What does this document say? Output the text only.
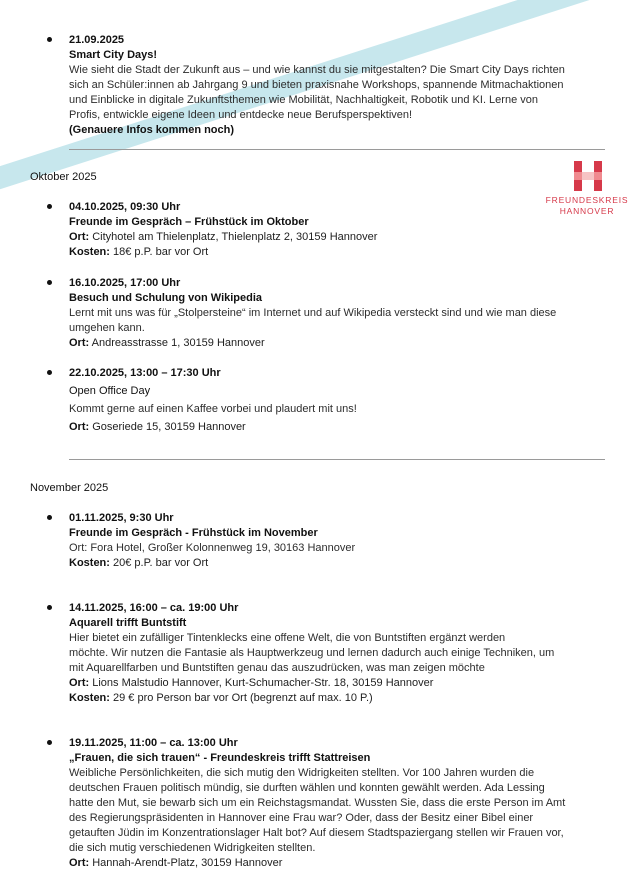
FREUNDESKREIS
HANNOVER
21.09.2025
Smart City Days!
Wie sieht die Stadt der Zukunft aus – und wie kannst du sie mitgestalten? Die Smart City Days richten
sich an Schüler:innen ab Jahrgang 9 und bieten praxisnahe Workshops, spannende Mitmachaktionen
und Einblicke in digitale Zukunftsthemen wie Mobilität, Nachhaltigkeit, Robotik und KI. Lerne von
Profis, entwickle eigene Ideen und entdecke neue Berufsperspektiven!
(Genauere Infos kommen noch)
Oktober 2025
04.10.2025, 09:30 Uhr
Freunde im Gespräch – Frühstück im Oktober
Ort: Cityhotel am Thielenplatz, Thielenplatz 2, 30159 Hannover
Kosten: 18€ p.P. bar vor Ort
16.10.2025, 17:00 Uhr
Besuch und Schulung von Wikipedia
Lernt mit uns was für „Stolpersteine“ im Internet und auf Wikipedia versteckt sind und wie man diese
umgehen kann.
Ort: Andreasstrasse 1, 30159 Hannover
22.10.2025, 13:00 – 17:30 Uhr
Open Office Day
Kommt gerne auf einen Kaffee vorbei und plaudert mit uns!
Ort: Goseriede 15, 30159 Hannover
November 2025
01.11.2025, 9:30 Uhr
Freunde im Gespräch - Frühstück im November
Ort: Fora Hotel, Großer Kolonnenweg 19, 30163 Hannover
Kosten: 20€ p.P. bar vor Ort
14.11.2025, 16:00 – ca. 19:00 Uhr
Aquarell trifft Buntstift
Hier bietet ein zufälliger Tintenklecks eine offene Welt, die von Buntstiften ergänzt werden
möchte. Wir nutzen die Fantasie als Hauptwerkzeug und lernen dadurch auch einige Techniken, um
mit Aquarellfarben und Buntstiften genau das auszudrücken, was man zeigen möchte
Ort: Lions Malstudio Hannover, Kurt-Schumacher-Str. 18, 30159 Hannover
Kosten: 29 € pro Person bar vor Ort (begrenzt auf max. 10 P.)
19.11.2025, 11:00 – ca. 13:00 Uhr
„Frauen, die sich trauen“ - Freundeskreis trifft Stattreisen
Weibliche Persönlichkeiten, die sich mutig den Widrigkeiten stellten. Vor 100 Jahren wurden die
deutschen Frauen politisch mündig, sie durften wählen und konnten gewählt werden. Ada Lessing
hatte den Mut, sie bewarb sich um ein Reichstagsmandat. Wussten Sie, dass die erste Person im Amt
des Regierungspräsidenten in Hannover eine Frau war? Oder, dass der Besitz einer Bibel einer
getauften Jüdin im Konzentrationslager Halt bot? Auf diesem Stadtspaziergang stellen wir Frauen vor,
die sich mutig verschiedenen Widrigkeiten stellten.
Ort: Hannah-Arendt-Platz, 30159 Hannover
